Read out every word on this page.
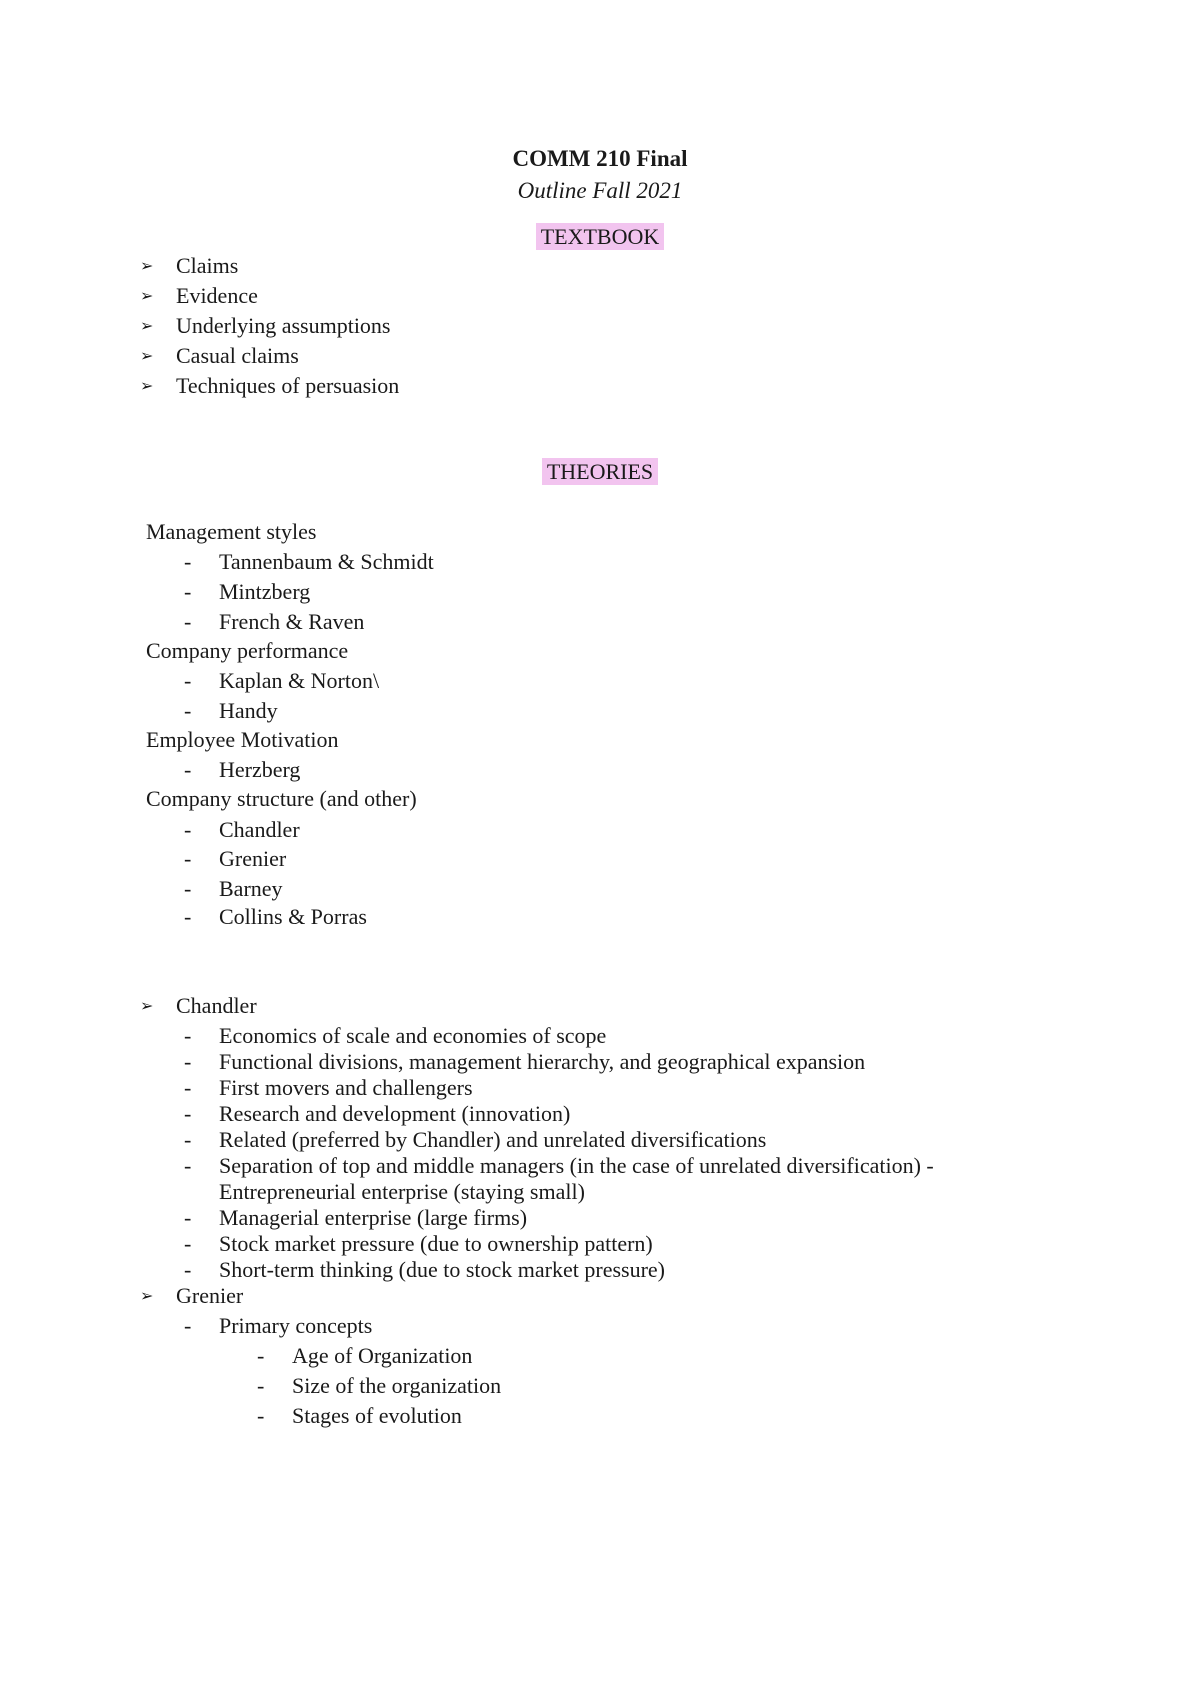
COMM 210 Final
Outline Fall 2021
TEXTBOOK
➢ Claims
➢ Evidence
➢ Underlying assumptions
➢ Casual claims
➢ Techniques of persuasion
THEORIES
Management styles
- Tannenbaum & Schmidt
- Mintzberg
- French & Raven
Company performance
- Kaplan & Norton\
- Handy
Employee Motivation
- Herzberg
Company structure (and other)
- Chandler
- Grenier
- Barney
- Collins & Porras
➢ Chandler
- Economics of scale and economies of scope
- Functional divisions, management hierarchy, and geographical expansion
- First movers and challengers
- Research and development (innovation)
- Related (preferred by Chandler) and unrelated diversifications
- Separation of top and middle managers (in the case of unrelated diversification) -
Entrepreneurial enterprise (staying small)
- Managerial enterprise (large firms)
- Stock market pressure (due to ownership pattern)
- Short-term thinking (due to stock market pressure)
➢ Grenier
- Primary concepts
- Age of Organization
- Size of the organization
- Stages of evolution
